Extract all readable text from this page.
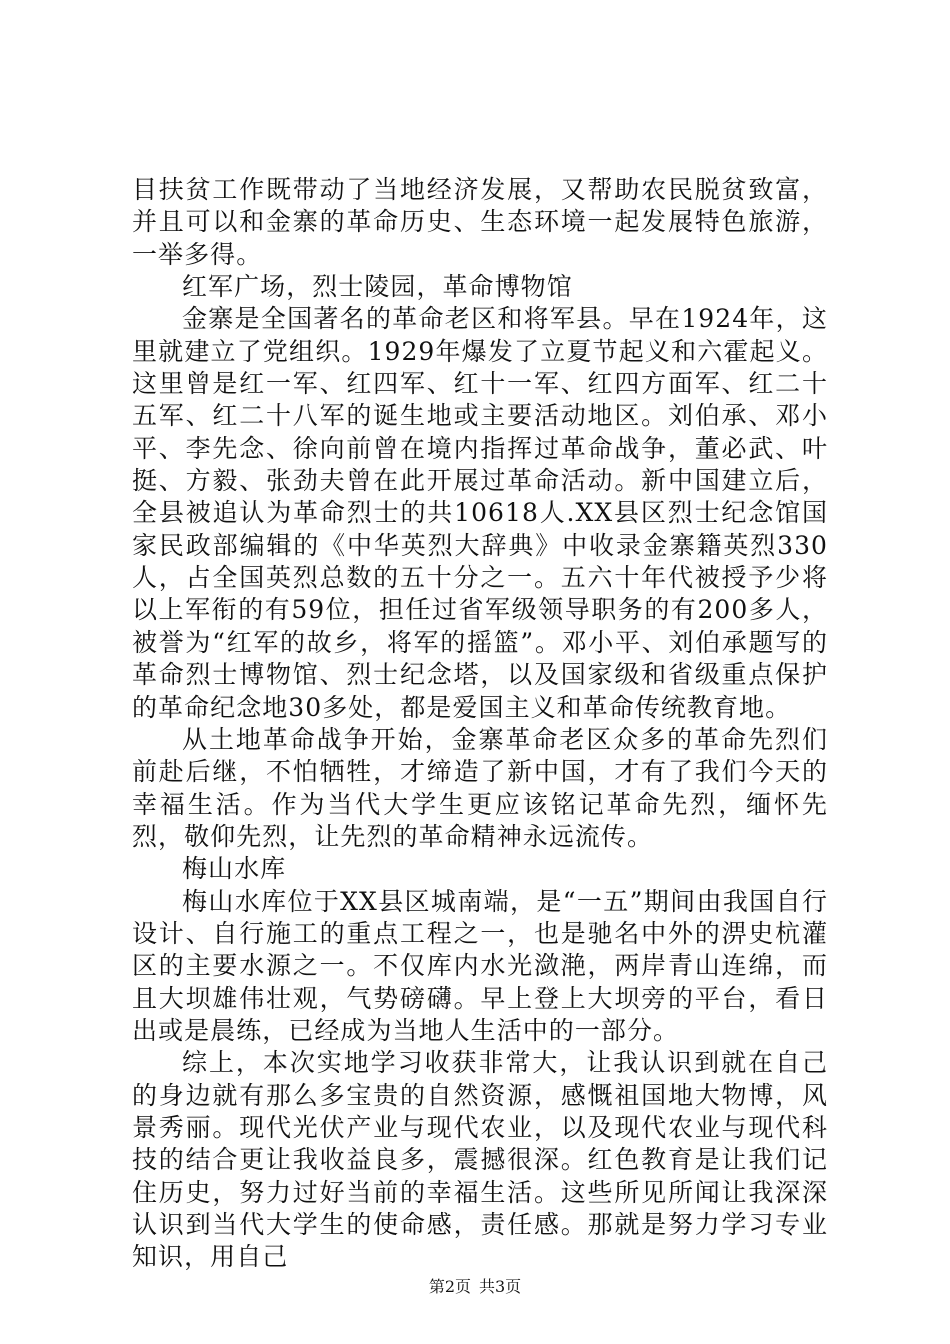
目扶贫工作既带动了当地经济发展，又帮助农民脱贫致富，并且可以和金寨的革命历史、生态环境一起发展特色旅游，一举多得。

红军广场，烈士陵园，革命博物馆

金寨是全国著名的革命老区和将军县。早在1924年，这里就建立了党组织。1929年爆发了立夏节起义和六霍起义。这里曾是红一军、红四军、红十一军、红四方面军、红二十五军、红二十八军的诞生地或主要活动地区。刘伯承、邓小平、李先念、徐向前曾在境内指挥过革命战争，董必武、叶挺、方毅、张劲夫曾在此开展过革命活动。新中国建立后，全县被追认为革命烈士的共10618人.XX县区烈士纪念馆国家民政部编辑的《中华英烈大辞典》中收录金寨籍英烈330人，占全国英烈总数的五十分之一。五六十年代被授予少将以上军衔的有59位，担任过省军级领导职务的有200多人，被誉为“红军的故乡，将军的摇篮”。邓小平、刘伯承题写的革命烈士博物馆、烈士纪念塔，以及国家级和省级重点保护的革命纪念地30多处，都是爱国主义和革命传统教育地。

从土地革命战争开始，金寨革命老区众多的革命先烈们前赴后继，不怕牺牲，才缔造了新中国，才有了我们今天的幸福生活。作为当代大学生更应该铭记革命先烈，缅怀先烈，敬仰先烈，让先烈的革命精神永远流传。

梅山水库

梅山水库位于XX县区城南端，是“一五”期间由我国自行设计、自行施工的重点工程之一，也是驰名中外的淠史杭灌区的主要水源之一。不仅库内水光潋滟，两岸青山连绵，而且大坝雄伟壮观，气势磅礴。早上登上大坝旁的平台，看日出或是晨练，已经成为当地人生活中的一部分。

综上，本次实地学习收获非常大，让我认识到就在自己的身边就有那么多宝贵的自然资源，感慨祖国地大物博，风景秀丽。现代光伏产业与现代农业，以及现代农业与现代科技的结合更让我收益良多，震撼很深。红色教育是让我们记住历史，努力过好当前的幸福生活。这些所见所闻让我深深认识到当代大学生的使命感，责任感。那就是努力学习专业知识，用自己

第2页 共3页
